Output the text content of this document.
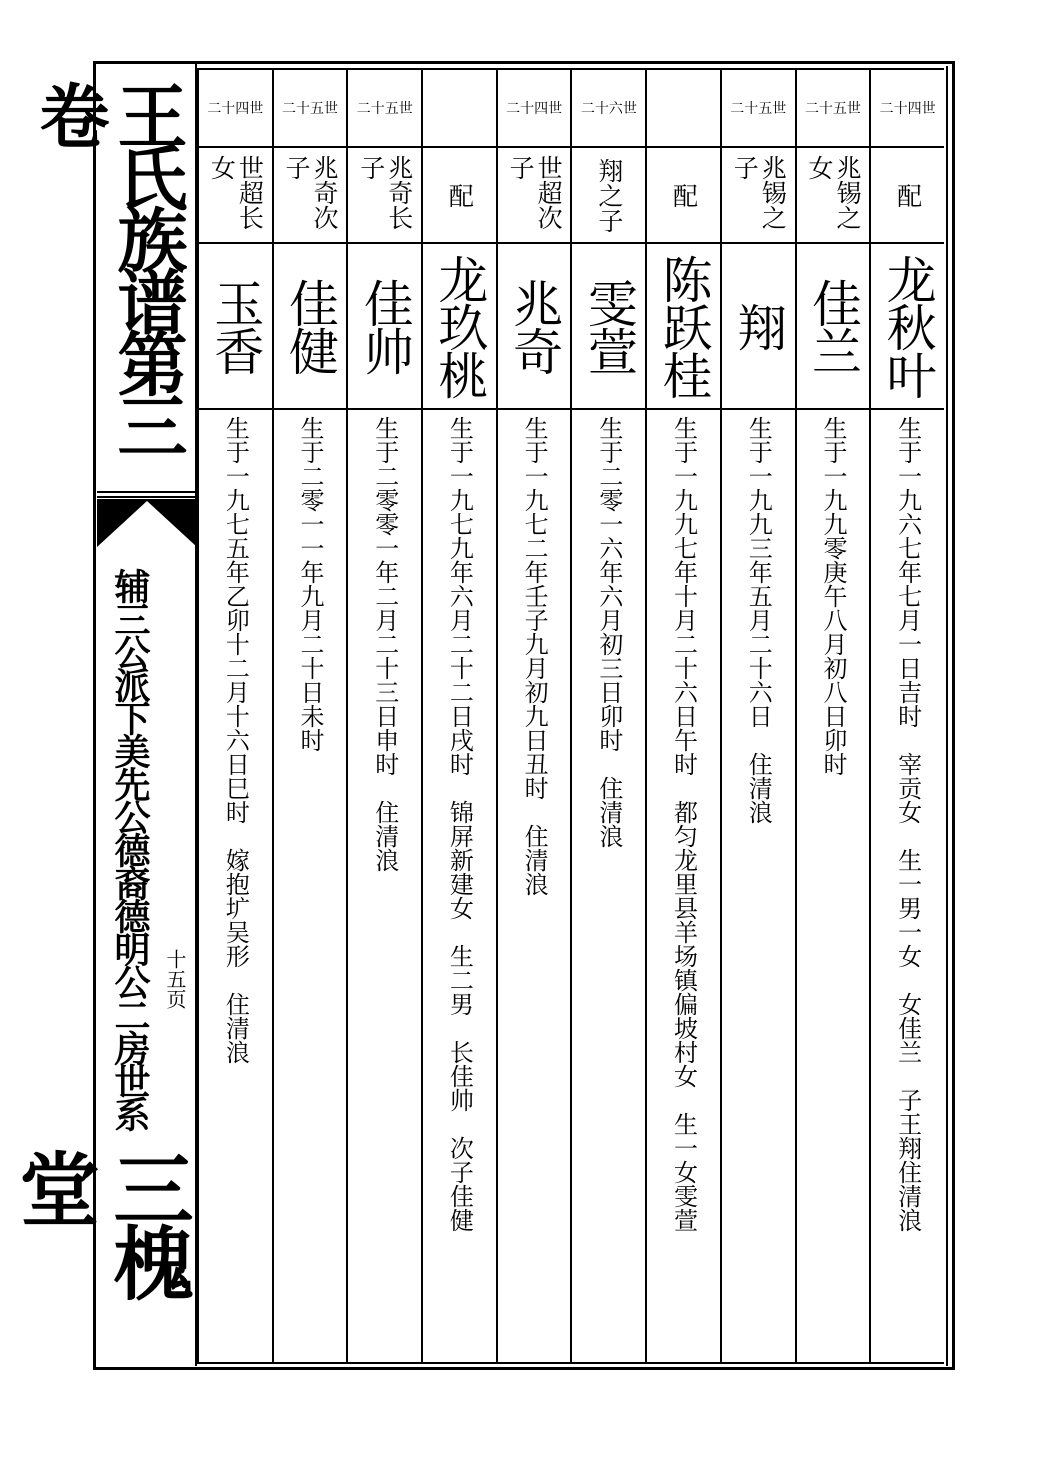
王氏族谱第三卷
辅三公派下美先公德裔德明公二房世系 十五页
三槐堂
二十四世
配
龙秋叶
生于一九六七年七月一日吉时　宰贡女　生一男一女　女佳兰　子王翔住清浪
二十五世
兆锡之女
佳兰
生于一九九零庚午八月初八日卯时
二十五世
兆锡之子
翔
生于一九九三年五月二十六日　住清浪
配
陈跃桂
生于一九九七年十月二十六日午时　都匀龙里县羊场镇偏坡村女　生一女雯萱
二十六世
翔之子
雯萱
生于二零一六年六月初三日卯时　住清浪
二十四世
世超次子
兆奇
生于一九七二年壬子九月初九日丑时　住清浪
配
龙玖桃
生于一九七九年六月二十二日戌时　锦屏新建女　生二男　长佳帅　次子佳健
二十五世
兆奇长子
佳帅
生于二零零一年二月二十三日申时　住清浪
二十五世
兆奇次子
佳健
生于二零一一年九月二十日未时
二十四世
世超长女
玉香
生于一九七五年乙卯十二月十六日巳时　嫁抱圹吴形　住清浪
